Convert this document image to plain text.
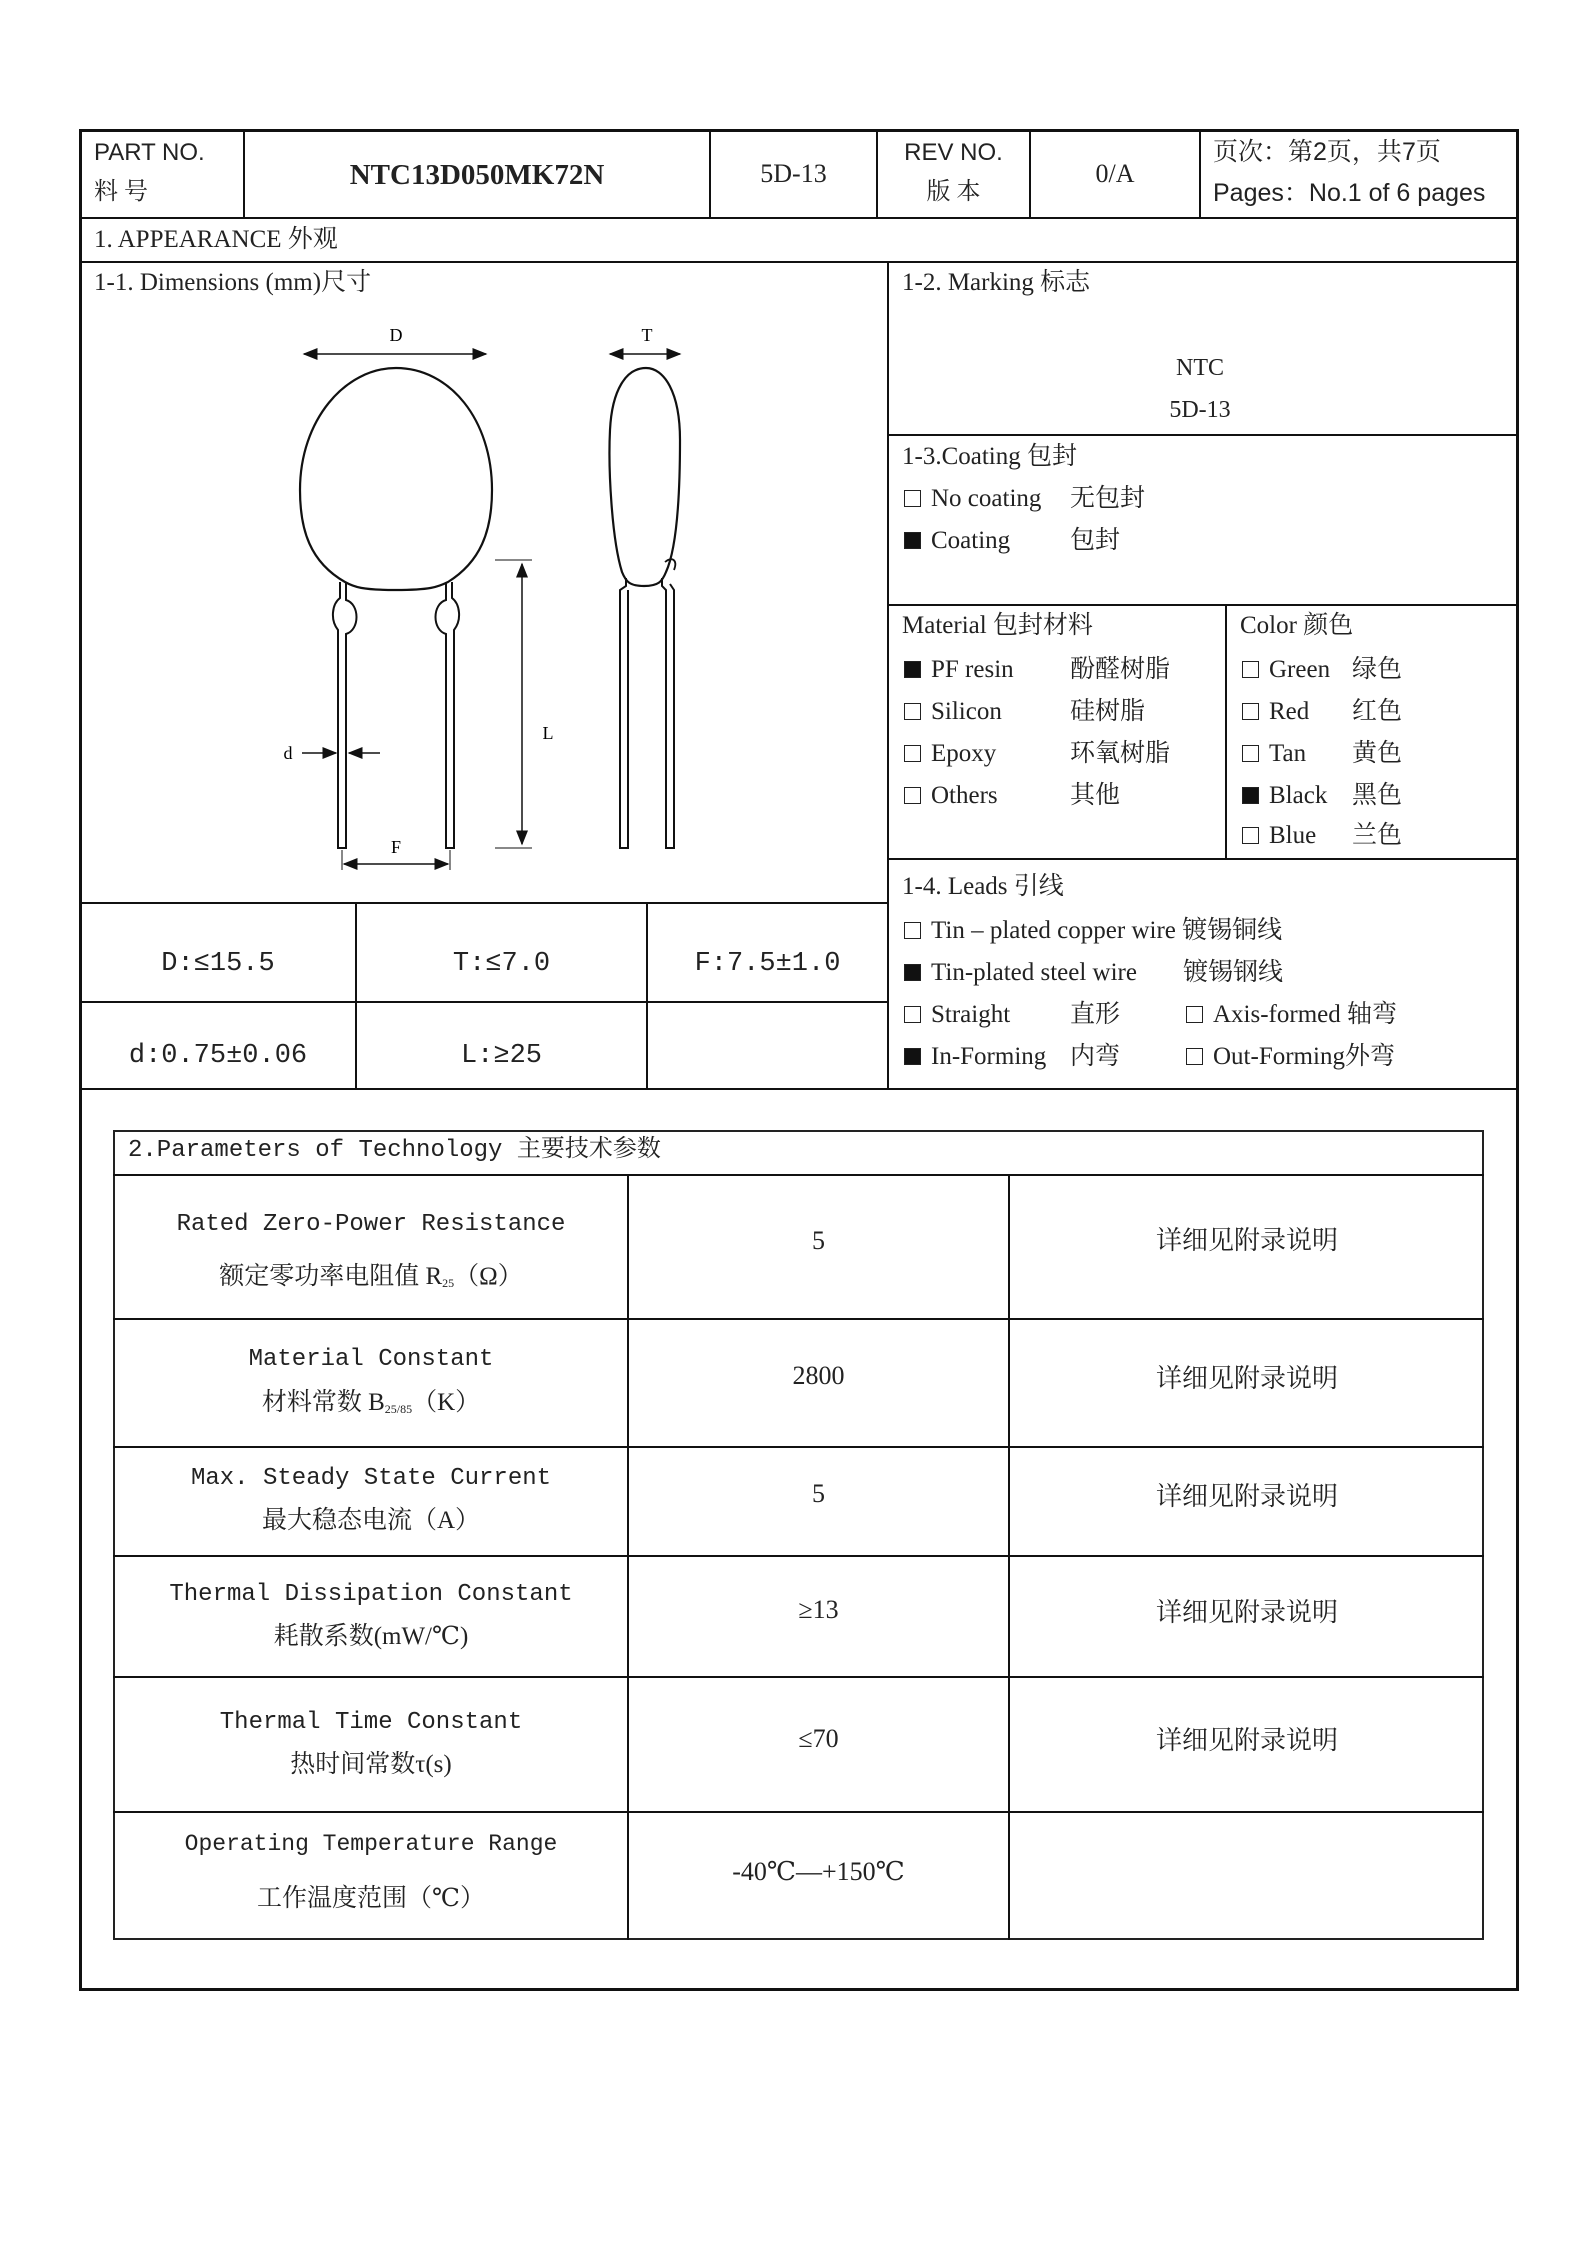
PART NO.
料 号
NTC13D050MK72N	5D-13
REV NO.
版 本
0/A
页次：第2页，共7页
Pages：No.1 of 6 pages
1. APPEARANCE 外观
1-1. Dimensions (mm)尺寸
D
L
d
F
T
D:≤15.5	T:≤7.0	F:7.5±1.0
d:0.75±0.06	L:≥25
1-2. Marking 标志
NTC
5D-13
1-3.Coating 包封
No coating 无包封
Coating 包封
Material 包封材料	Color 颜色
PF resin 酚醛树脂
Silicon	硅树脂
Epoxy	环氧树脂
Others	其他
Green 绿色
Red 红色
Tan 黄色
Black 黑色
Blue 兰色
1-4. Leads 引线
Tin – plated copper wire 镀锡铜线
Tin-plated steel wire 镀锡钢线
Straight 直形	Axis-formed 轴弯
In-Forming 内弯	Out-Forming外弯
2.Parameters of Technology 主要技术参数
Rated Zero-Power Resistance
额定零功率电阻值 $R_{25}(\Omega)$
5	详细见附录说明
Material Constant
材料常数 $B_{25/85}(K)$
2800	详细见附录说明
Max. Steady State Current
最大稳态电流（A）
5	详细见附录说明
Thermal Dissipation Constant
耗散系数(mW/℃)
≥13	详细见附录说明
Thermal Time Constant
热时间常数τ(s)
≤70	详细见附录说明
Operating Temperature Range
工作温度范围（℃）
-40℃—+150℃
